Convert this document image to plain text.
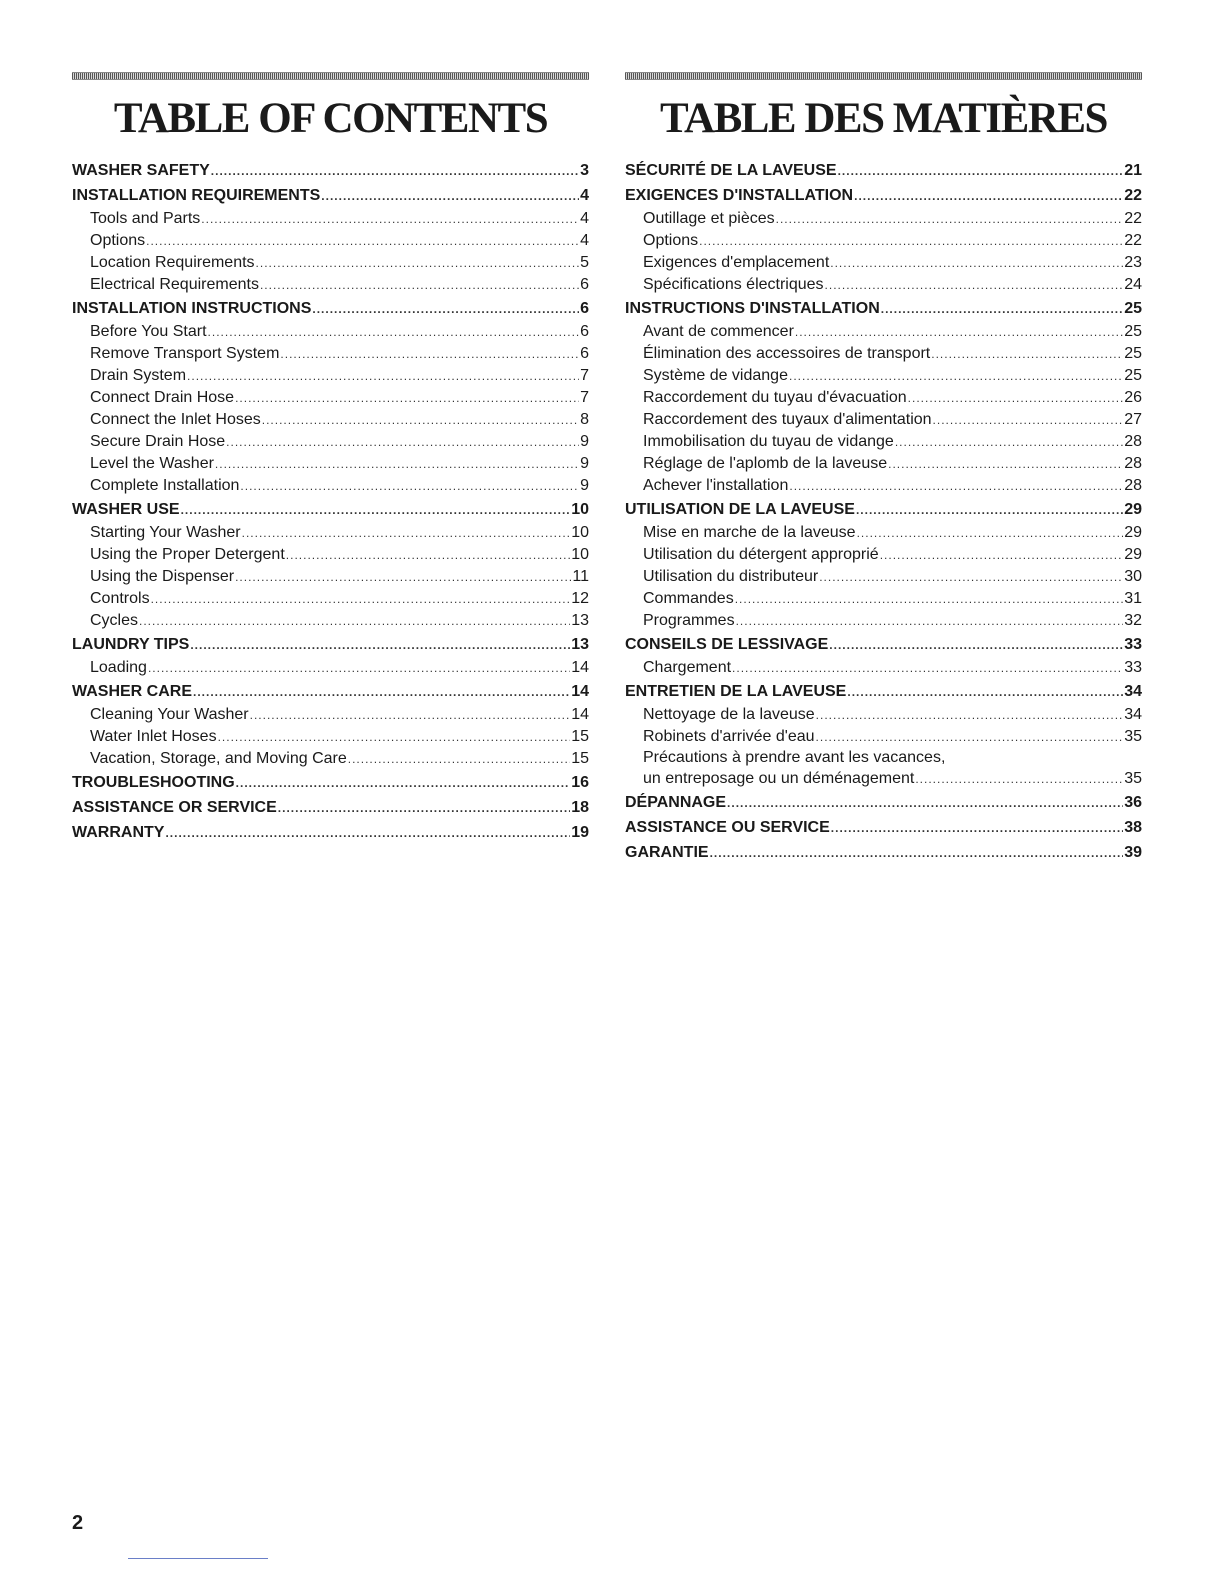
TABLE OF CONTENTS
WASHER SAFETY .....	3
INSTALLATION REQUIREMENTS .....	4
Tools and Parts .....	4
Options .....	4
Location Requirements .....	5
Electrical Requirements .....	6
INSTALLATION INSTRUCTIONS .....	6
Before You Start .....	6
Remove Transport System .....	6
Drain System .....	7
Connect Drain Hose .....	7
Connect the Inlet Hoses .....	8
Secure Drain Hose .....	9
Level the Washer .....	9
Complete Installation .....	9
WASHER USE .....	10
Starting Your Washer .....	10
Using the Proper Detergent .....	10
Using the Dispenser .....	11
Controls .....	12
Cycles .....	13
LAUNDRY TIPS .....	13
Loading .....	14
WASHER CARE .....	14
Cleaning Your Washer .....	14
Water Inlet Hoses .....	15
Vacation, Storage, and Moving Care .....	15
TROUBLESHOOTING .....	16
ASSISTANCE OR SERVICE .....	18
WARRANTY .....	19
TABLE DES MATIÈRES
SÉCURITÉ DE LA LAVEUSE .....	21
EXIGENCES D'INSTALLATION .....	22
Outillage et pièces .....	22
Options .....	22
Exigences d'emplacement .....	23
Spécifications électriques .....	24
INSTRUCTIONS D'INSTALLATION .....	25
Avant de commencer .....	25
Élimination des accessoires de transport .....	25
Système de vidange .....	25
Raccordement du tuyau d'évacuation .....	26
Raccordement des tuyaux d'alimentation .....	27
Immobilisation du tuyau de vidange .....	28
Réglage de l'aplomb de la laveuse .....	28
Achever l'installation .....	28
UTILISATION DE LA LAVEUSE .....	29
Mise en marche de la laveuse .....	29
Utilisation du détergent approprié .....	29
Utilisation du distributeur .....	30
Commandes .....	31
Programmes .....	32
CONSEILS DE LESSIVAGE .....	33
Chargement .....	33
ENTRETIEN DE LA LAVEUSE .....	34
Nettoyage de la laveuse .....	34
Robinets d'arrivée d'eau .....	35
Précautions à prendre avant les vacances,
un entreposage ou un déménagement .....	35
DÉPANNAGE .....	36
ASSISTANCE OU SERVICE .....	38
GARANTIE .....	39
2
